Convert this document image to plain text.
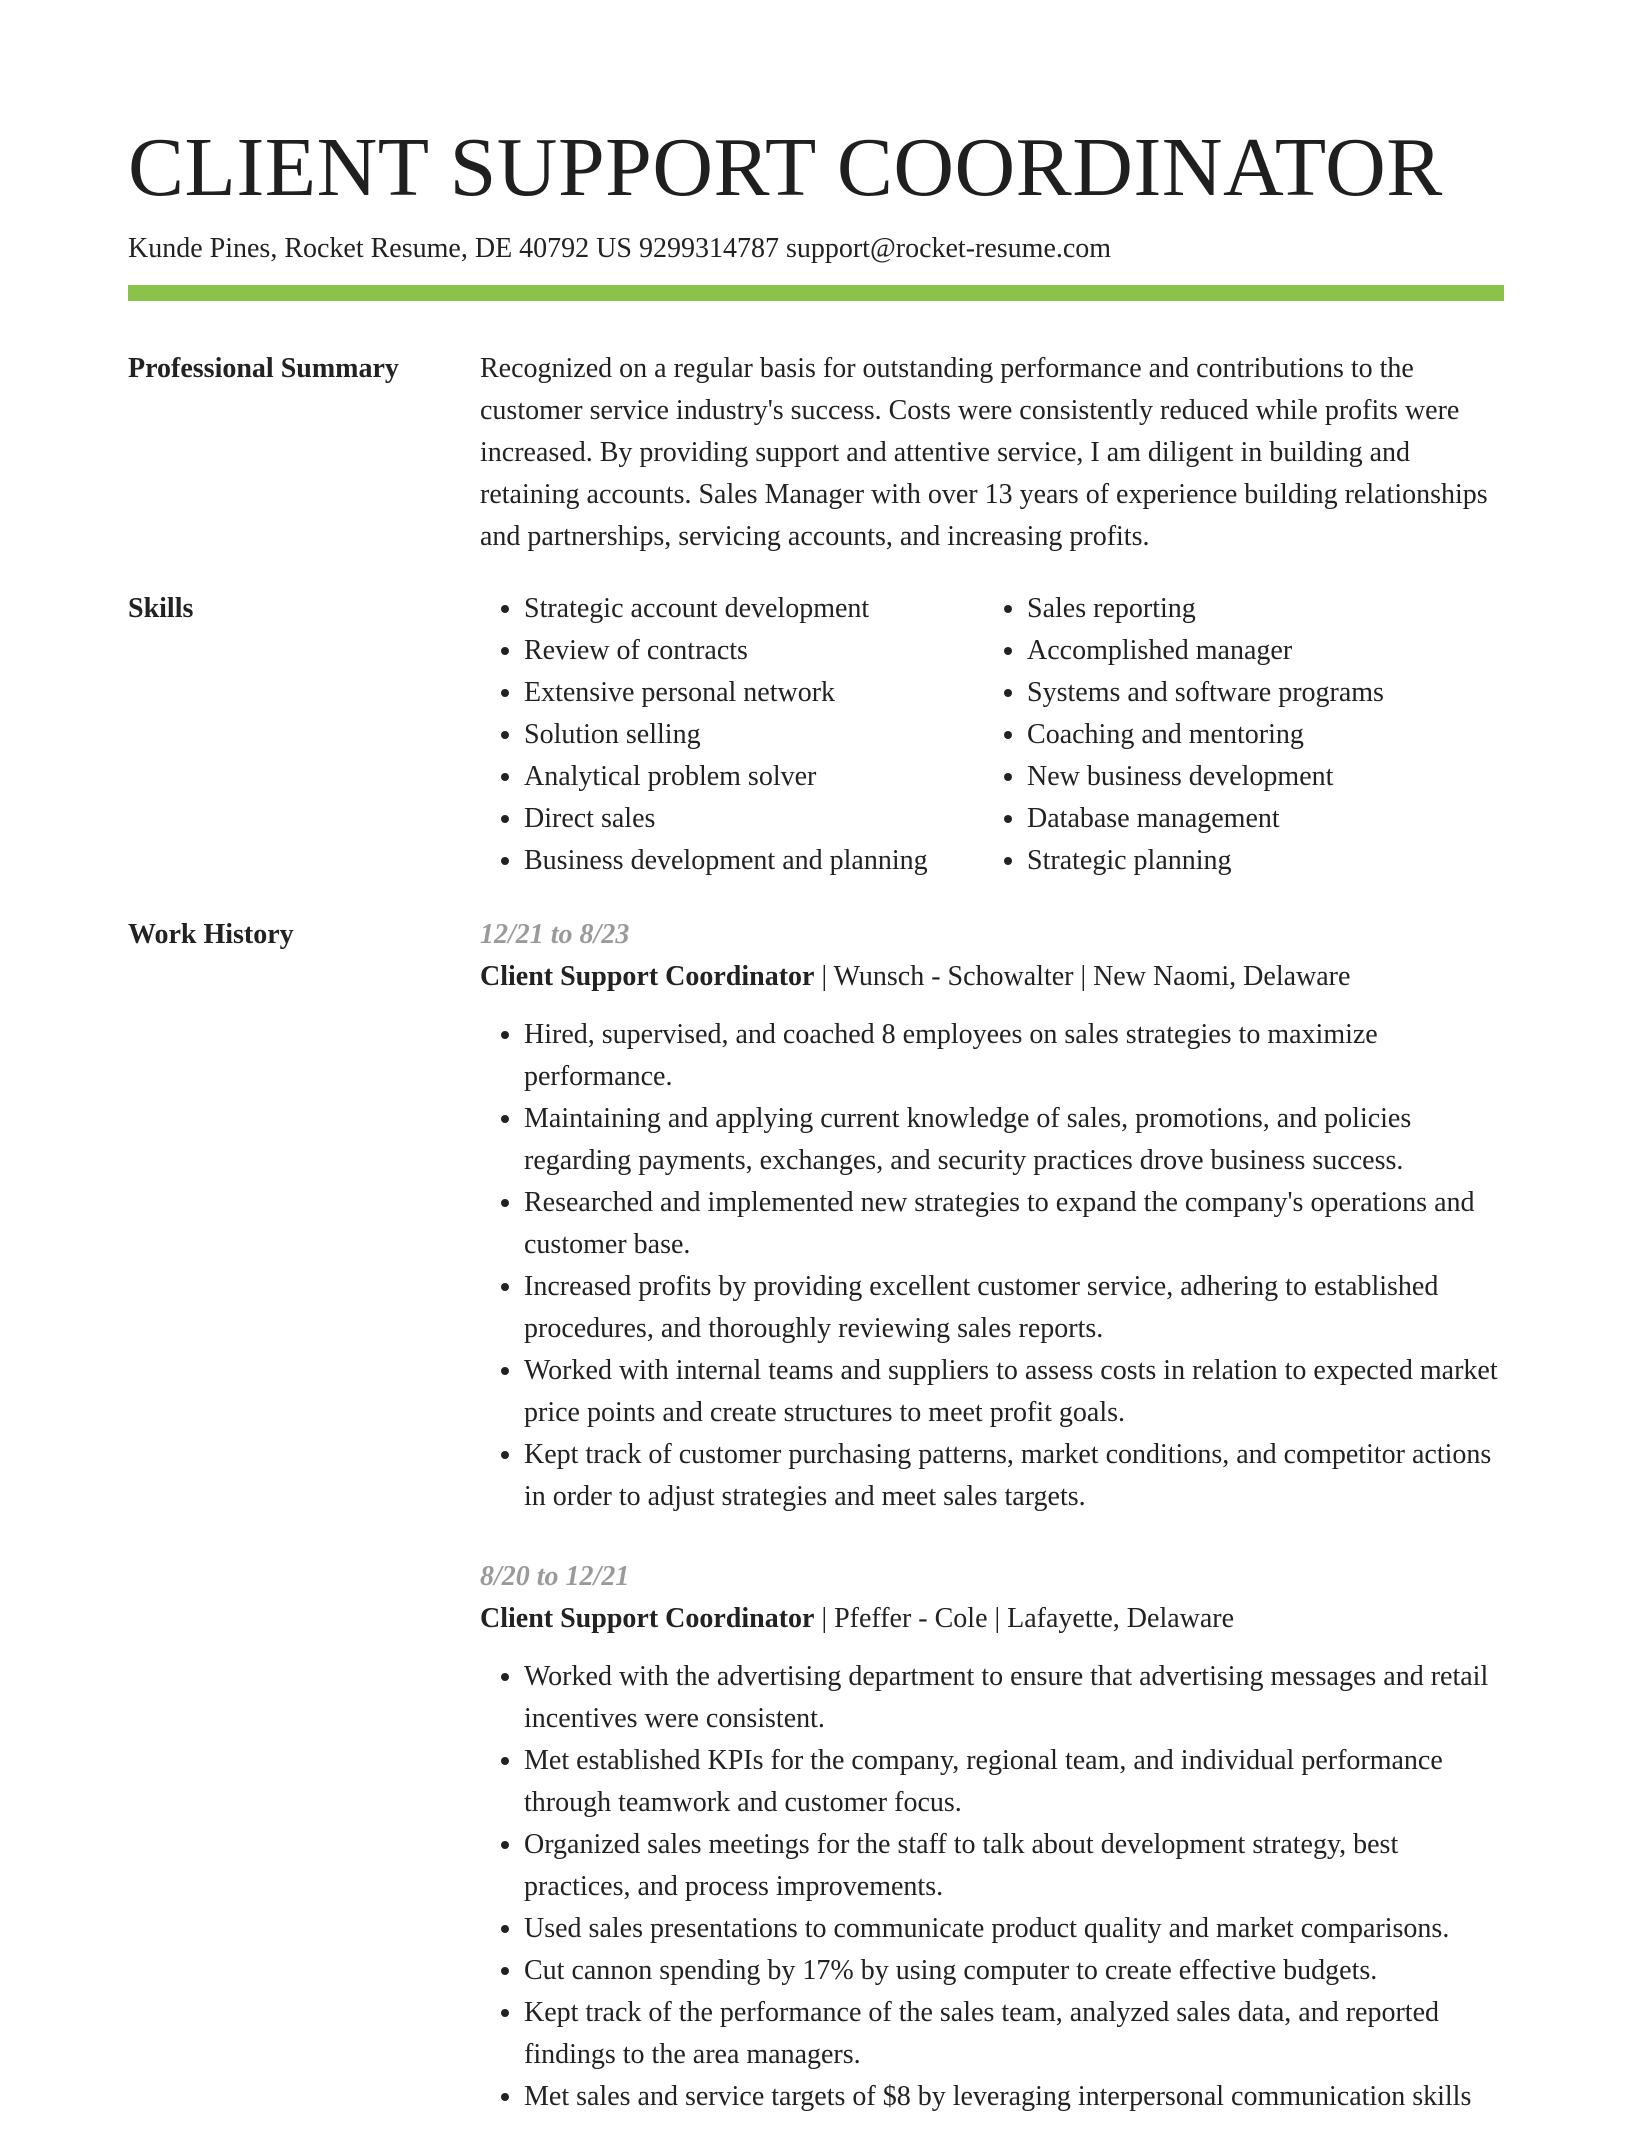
CLIENT SUPPORT COORDINATOR
Kunde Pines, Rocket Resume, DE 40792 US 9299314787 support@rocket-resume.com
Professional Summary	Recognized on a regular basis for outstanding performance and contributions to the customer service industry's success. Costs were consistently reduced while profits were increased. By providing support and attentive service, I am diligent in building and retaining accounts. Sales Manager with over 13 years of experience building relationships and partnerships, servicing accounts, and increasing profits.

Skills
•	Strategic account development
• Review of contracts
• Extensive personal network
• Solution selling
• Analytical problem solver
• Direct sales
• Business development and planning
• Sales reporting
• Accomplished manager
• Systems and software programs
• Coaching and mentoring
• New business development
• Database management
• Strategic planning
Work History	12/21 to 8/23
Client Support Coordinator | Wunsch - Schowalter | New Naomi, Delaware
• Hired, supervised, and coached 8 employees on sales strategies to maximize performance.
• Maintaining and applying current knowledge of sales, promotions, and policies regarding payments, exchanges, and security practices drove business success.
• Researched and implemented new strategies to expand the company's operations and customer base.
• Increased profits by providing excellent customer service, adhering to established procedures, and thoroughly reviewing sales reports.
• Worked with internal teams and suppliers to assess costs in relation to expected market price points and create structures to meet profit goals.
• Kept track of customer purchasing patterns, market conditions, and competitor actions in order to adjust strategies and meet sales targets.
8/20 to 12/21
Client Support Coordinator | Pfeffer - Cole | Lafayette, Delaware
• Worked with the advertising department to ensure that advertising messages and retail incentives were consistent.
• Met established KPIs for the company, regional team, and individual performance through teamwork and customer focus.
• Organized sales meetings for the staff to talk about development strategy, best practices, and process improvements.
• Used sales presentations to communicate product quality and market comparisons.
• Cut cannon spending by 17% by using computer to create effective budgets.
• Kept track of the performance of the sales team, analyzed sales data, and reported findings to the area managers.
• Met sales and service targets of $8 by leveraging interpersonal communication skills
